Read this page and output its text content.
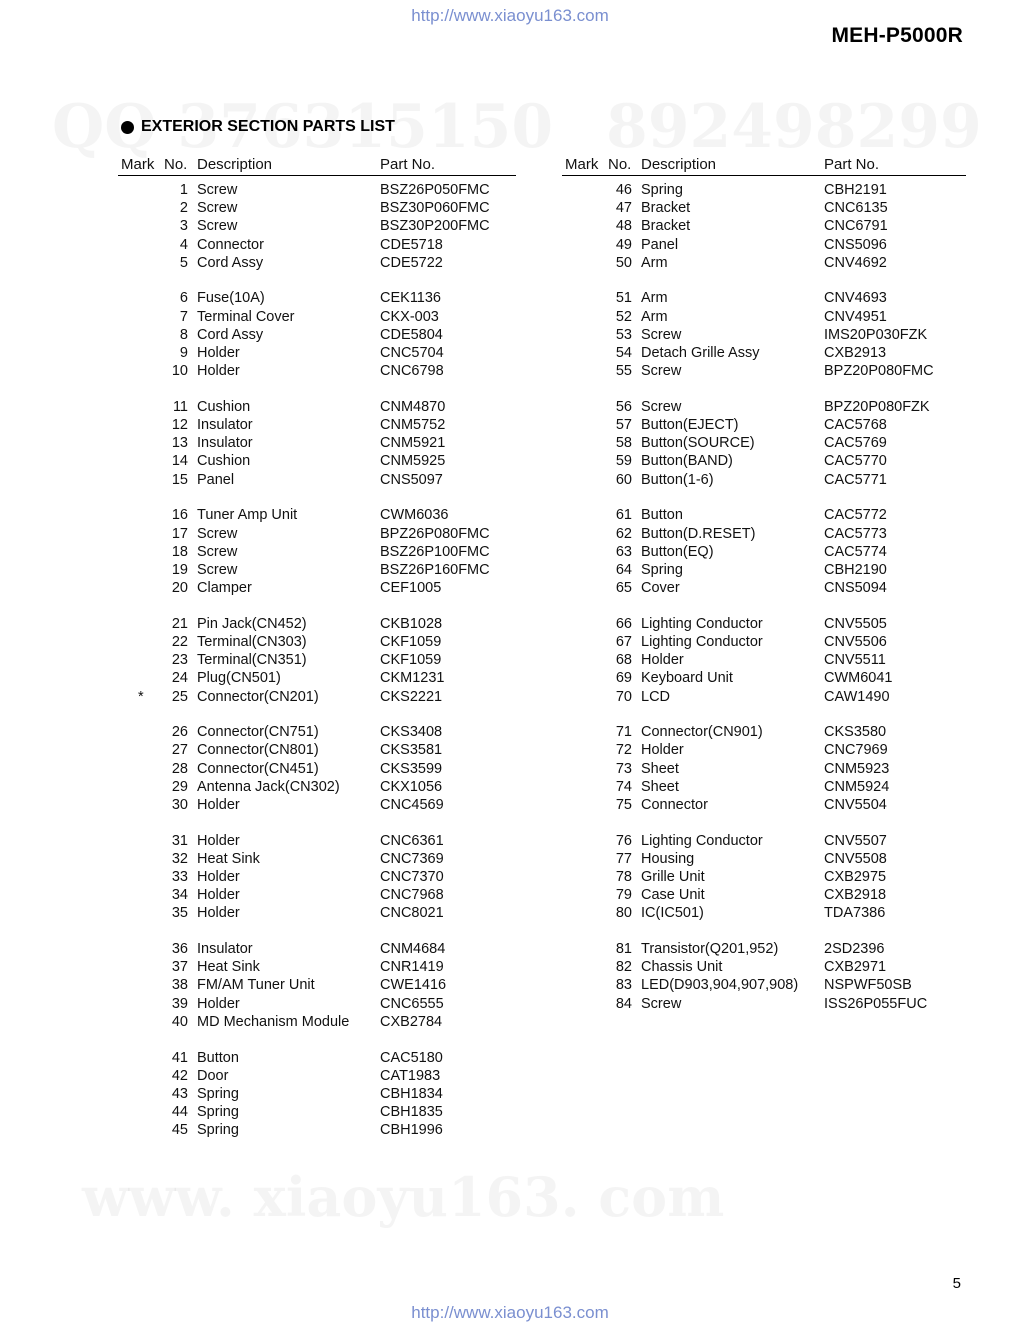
http://www.xiaoyu163.com
MEH-P5000R
EXTERIOR SECTION PARTS LIST
Mark No. Description	Part No.
1 Screw	BSZ26P050FMC
2 Screw	BSZ30P060FMC
3 Screw	BSZ30P200FMC
4 Connector	CDE5718
5 Cord Assy	CDE5722
6 Fuse(10A)	CEK1136
7 Terminal Cover	CKX-003
8 Cord Assy	CDE5804
9 Holder	CNC5704
10 Holder	CNC6798
11 Cushion	CNM4870
12 Insulator	CNM5752
13 Insulator	CNM5921
14 Cushion	CNM5925
15 Panel	CNS5097
16 Tuner Amp Unit	CWM6036
17 Screw	BPZ26P080FMC
18 Screw	BSZ26P100FMC
19 Screw	BSZ26P160FMC
20 Clamper	CEF1005
21 Pin Jack(CN452)	CKB1028
22 Terminal(CN303)	CKF1059
23 Terminal(CN351)	CKF1059
24 Plug(CN501)	CKM1231
*	25 Connector(CN201)	CKS2221
26 Connector(CN751)	CKS3408
27 Connector(CN801)	CKS3581
28 Connector(CN451)	CKS3599
29 Antenna Jack(CN302)	CKX1056
30 Holder	CNC4569
31 Holder	CNC6361
32 Heat Sink	CNC7369
33 Holder	CNC7370
34 Holder	CNC7968
35 Holder	CNC8021
36 Insulator	CNM4684
37 Heat Sink	CNR1419
38 FM/AM Tuner Unit	CWE1416
39 Holder	CNC6555
40 MD Mechanism Module CXB2784
41 Button	CAC5180
42 Door	CAT1983
43 Spring	CBH1834
44 Spring	CBH1835
45 Spring	CBH1996
Mark No. Description	Part No.
46 Spring	CBH2191
47 Bracket	CNC6135
48 Bracket	CNC6791
49 Panel	CNS5096
50 Arm	CNV4692
51 Arm	CNV4693
52 Arm	CNV4951
53 Screw	IMS20P030FZK
54 Detach Grille Assy	CXB2913
55 Screw	BPZ20P080FMC
56 Screw	BPZ20P080FZK
57 Button(EJECT)	CAC5768
58 Button(SOURCE)	CAC5769
59 Button(BAND)	CAC5770
60 Button(1-6)	CAC5771
61 Button	CAC5772
62 Button(D.RESET)	CAC5773
63 Button(EQ)	CAC5774
64 Spring	CBH2190
65 Cover	CNS5094
66 Lighting Conductor	CNV5505
67 Lighting Conductor	CNV5506
68 Holder	CNV5511
69 Keyboard Unit	CWM6041
70 LCD	CAW1490
71 Connector(CN901)	CKS3580
72 Holder	CNC7969
73 Sheet	CNM5923
74 Sheet	CNM5924
75 Connector	CNV5504
76 Lighting Conductor	CNV5507
77 Housing	CNV5508
78 Grille Unit	CXB2975
79 Case Unit	CXB2918
80 IC(IC501)	TDA7386
81 Transistor(Q201,952)	2SD2396
82 Chassis Unit	CXB2971
83 LED(D903,904,907,908) NSPWF50SB
84 Screw	ISS26P055FUC
5
http://www.xiaoyu163.com
